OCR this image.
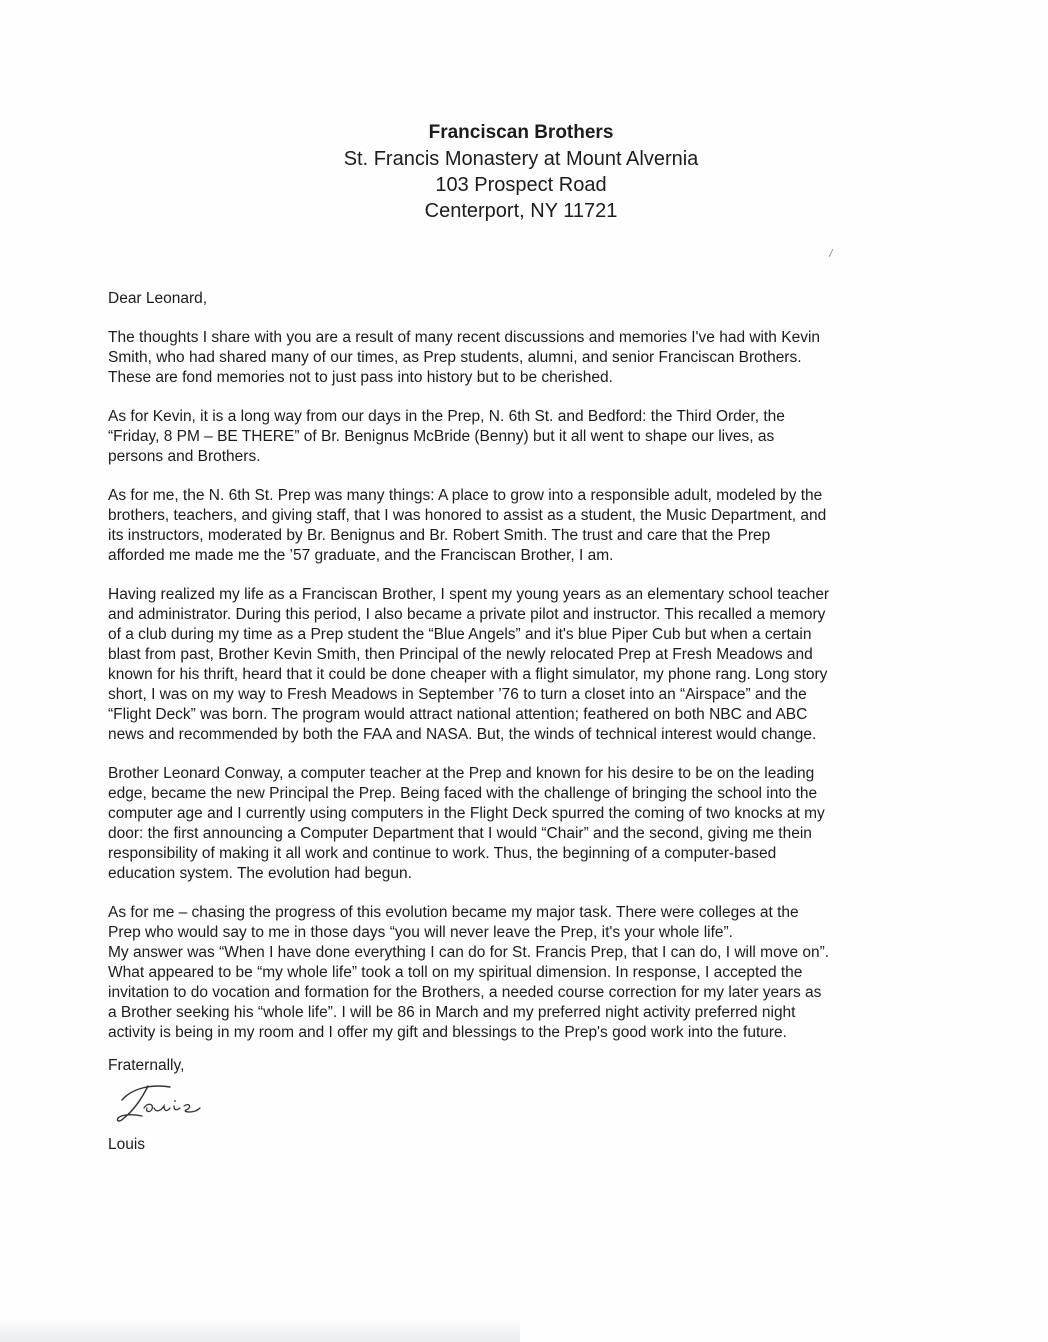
Franciscan Brothers
St. Francis Monastery at Mount Alvernia
103 Prospect Road
Centerport, NY 11721
Dear Leonard,

The thoughts I share with you are a result of many recent discussions and memories I've had with Kevin

Smith, who had shared many of our times, as Prep students, alumni, and senior Franciscan Brothers.

These are fond memories not to just pass into history but to be cherished.

As for Kevin, it is a long way from our days in the Prep, N. 6th St. and Bedford: the Third Order, the

“Friday, 8 PM – BE THERE” of Br. Benignus McBride (Benny) but it all went to shape our lives, as

persons and Brothers.

As for me, the N. 6th St. Prep was many things: A place to grow into a responsible adult, modeled by the

brothers, teachers, and giving staff, that I was honored to assist as a student, the Music Department, and

its instructors, moderated by Br. Benignus and Br. Robert Smith. The trust and care that the Prep

afforded me made me the ’57 graduate, and the Franciscan Brother, I am.

Having realized my life as a Franciscan Brother, I spent my young years as an elementary school teacher

and administrator. During this period, I also became a private pilot and instructor. This recalled a memory

of a club during my time as a Prep student the “Blue Angels” and it's blue Piper Cub but when a certain

blast from past, Brother Kevin Smith, then Principal of the newly relocated Prep at Fresh Meadows and

known for his thrift, heard that it could be done cheaper with a flight simulator, my phone rang. Long story

short, I was on my way to Fresh Meadows in September ’76 to turn a closet into an “Airspace” and the

“Flight Deck” was born. The program would attract national attention; feathered on both NBC and ABC

news and recommended by both the FAA and NASA. But, the winds of technical interest would change.

Brother Leonard Conway, a computer teacher at the Prep and known for his desire to be on the leading

edge, became the new Principal the Prep. Being faced with the challenge of bringing the school into the

computer age and I currently using computers in the Flight Deck spurred the coming of two knocks at my

door: the first announcing a Computer Department that I would “Chair” and the second, giving me thein

responsibility of making it all work and continue to work. Thus, the beginning of a computer-based

education system. The evolution had begun.

As for me – chasing the progress of this evolution became my major task. There were colleges at the

Prep who would say to me in those days “you will never leave the Prep, it's your whole life”.

My answer was “When I have done everything I can do for St. Francis Prep, that I can do, I will move on”.

What appeared to be “my whole life” took a toll on my spiritual dimension. In response, I accepted the

invitation to do vocation and formation for the Brothers, a needed course correction for my later years as

a Brother seeking his “whole life”. I will be 86 in March and my preferred night activity preferred night

activity is being in my room and I offer my gift and blessings to the Prep's good work into the future.

Fraternally,
Louis
